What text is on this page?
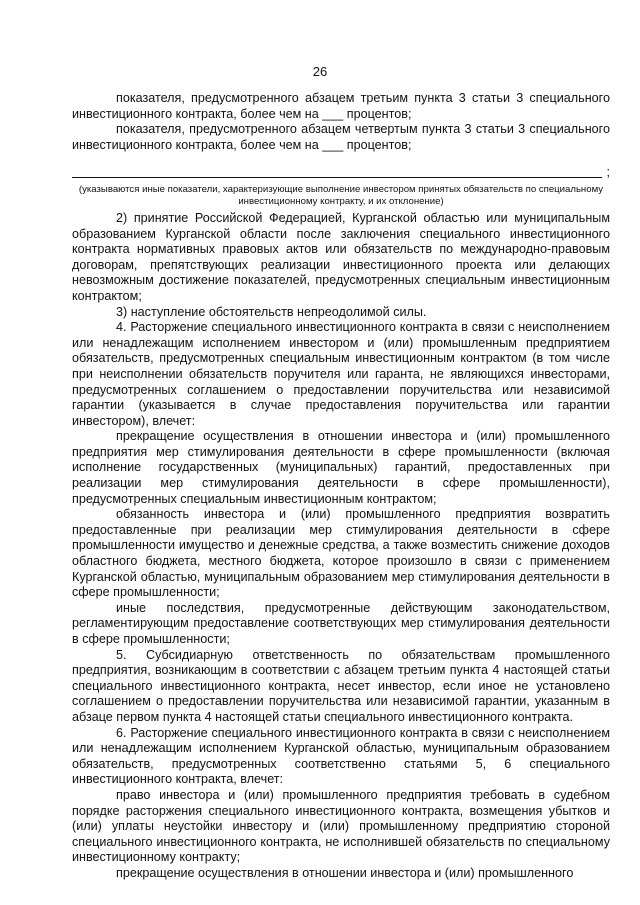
26

показателя, предусмотренного абзацем третьим пункта 3 статьи 3 специального инвестиционного контракта, более чем на ___ процентов;

показателя, предусмотренного абзацем четвертым пункта 3 статьи 3 специального инвестиционного контракта, более чем на ___ процентов;

;

(указываются иные показатели, характеризующие выполнение инвестором принятых обязательств по специальному инвестиционному контракту, и их отклонение)

2) принятие Российской Федерацией, Курганской областью или муниципальным образованием Курганской области после заключения специального инвестиционного контракта нормативных правовых актов или обязательств по международно-правовым договорам, препятствующих реализации инвестиционного проекта или делающих невозможным достижение показателей, предусмотренных специальным инвестиционным контрактом;

3) наступление обстоятельств непреодолимой силы.

4. Расторжение специального инвестиционного контракта в связи с неисполнением или ненадлежащим исполнением инвестором и (или) промышленным предприятием обязательств, предусмотренных специальным инвестиционным контрактом (в том числе при неисполнении обязательств поручителя или гаранта, не являющихся инвесторами, предусмотренных соглашением о предоставлении поручительства или независимой гарантии (указывается в случае предоставления поручительства или гарантии инвестором), влечет:

прекращение осуществления в отношении инвестора и (или) промышленного предприятия мер стимулирования деятельности в сфере промышленности (включая исполнение государственных (муниципальных) гарантий, предоставленных при реализации мер стимулирования деятельности в сфере промышленности), предусмотренных специальным инвестиционным контрактом;

обязанность инвестора и (или) промышленного предприятия возвратить предоставленные при реализации мер стимулирования деятельности в сфере промышленности имущество и денежные средства, а также возместить снижение доходов областного бюджета, местного бюджета, которое произошло в связи с применением Курганской областью, муниципальным образованием мер стимулирования деятельности в сфере промышленности;

иные последствия, предусмотренные действующим законодательством, регламентирующим предоставление соответствующих мер стимулирования деятельности в сфере промышленности;

5. Субсидиарную ответственность по обязательствам промышленного предприятия, возникающим в соответствии с абзацем третьим пункта 4 настоящей статьи специального инвестиционного контракта, несет инвестор, если иное не установлено соглашением о предоставлении поручительства или независимой гарантии, указанным в абзаце первом пункта 4 настоящей статьи специального инвестиционного контракта.

6. Расторжение специального инвестиционного контракта в связи с неисполнением или ненадлежащим исполнением Курганской областью, муниципальным образованием обязательств, предусмотренных соответственно статьями 5, 6 специального инвестиционного контракта, влечет:

право инвестора и (или) промышленного предприятия требовать в судебном порядке расторжения специального инвестиционного контракта, возмещения убытков и (или) уплаты неустойки инвестору и (или) промышленному предприятию стороной специального инвестиционного контракта, не исполнившей обязательств по специальному инвестиционному контракту;

прекращение осуществления в отношении инвестора и (или) промышленного
